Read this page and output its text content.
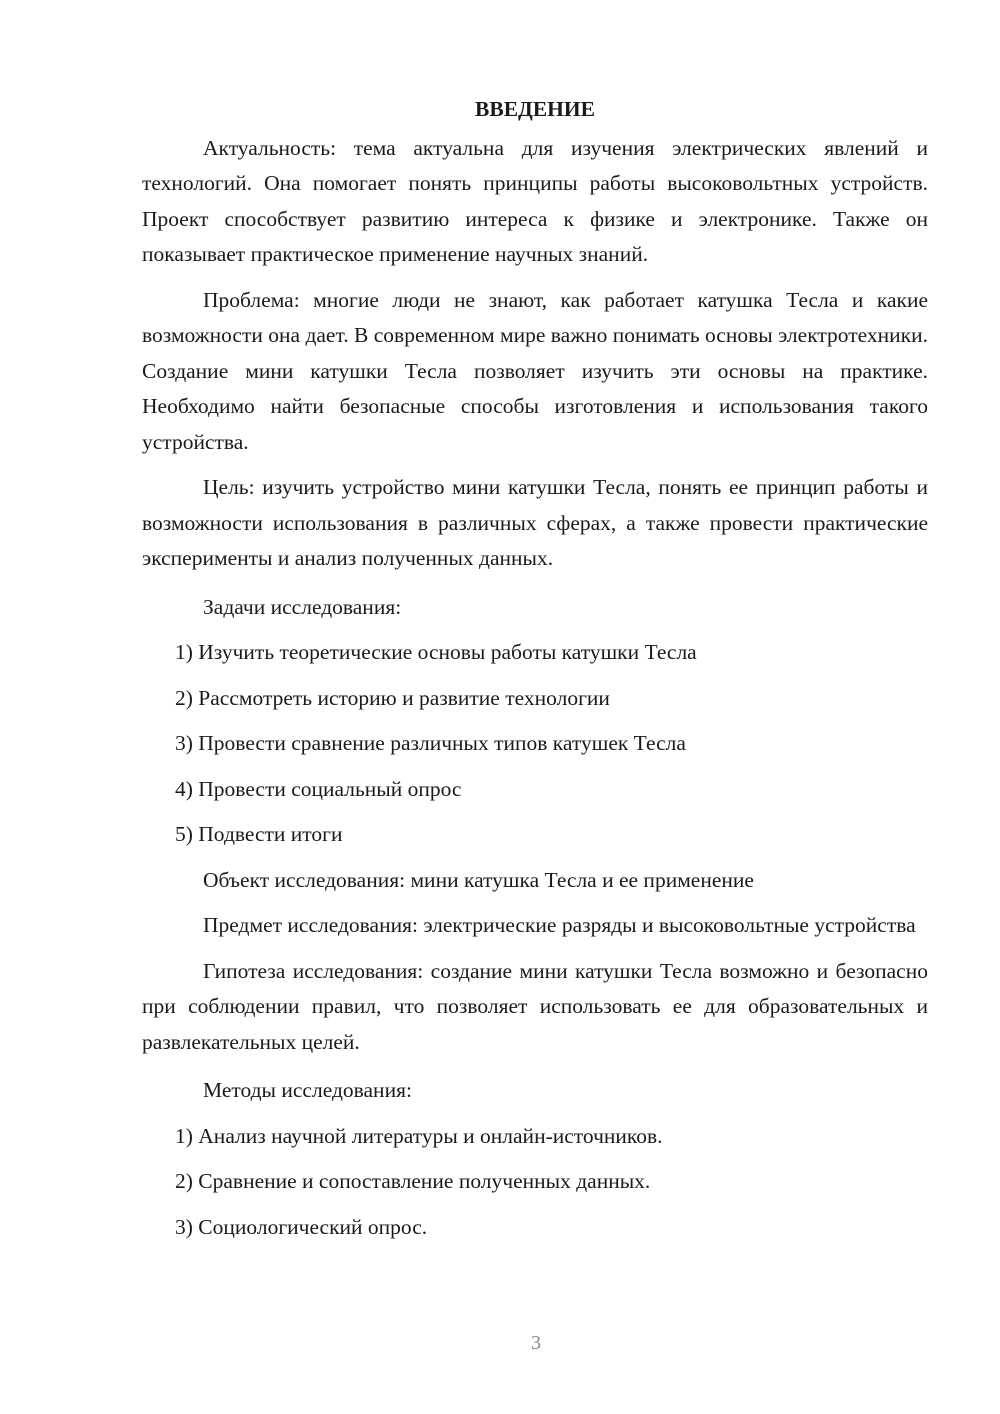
ВВЕДЕНИЕ

Актуальность: тема актуальна для изучения электрических явлений и технологий. Она помогает понять принципы работы высоковольтных устройств. Проект способствует развитию интереса к физике и электронике. Также он показывает практическое применение научных знаний.

Проблема: многие люди не знают, как работает катушка Тесла и какие возможности она дает. В современном мире важно понимать основы электротехники. Создание мини катушки Тесла позволяет изучить эти основы на практике. Необходимо найти безопасные способы изготовления и использования такого устройства.

Цель: изучить устройство мини катушки Тесла, понять ее принцип работы и возможности использования в различных сферах, а также провести практические эксперименты и анализ полученных данных.

Задачи исследования:
1) Изучить теоретические основы работы катушки Тесла
2) Рассмотреть историю и развитие технологии
3) Провести сравнение различных типов катушек Тесла
4) Провести социальный опрос
5) Подвести итоги
Объект исследования: мини катушка Тесла и ее применение

Предмет исследования: электрические разряды и высоковольтные устройства

Гипотеза исследования: создание мини катушки Тесла возможно и безопасно при соблюдении правил, что позволяет использовать ее для образовательных и развлекательных целей.

Методы исследования:
1) Анализ научной литературы и онлайн-источников.
2) Сравнение и сопоставление полученных данных.
3) Социологический опрос.
3
